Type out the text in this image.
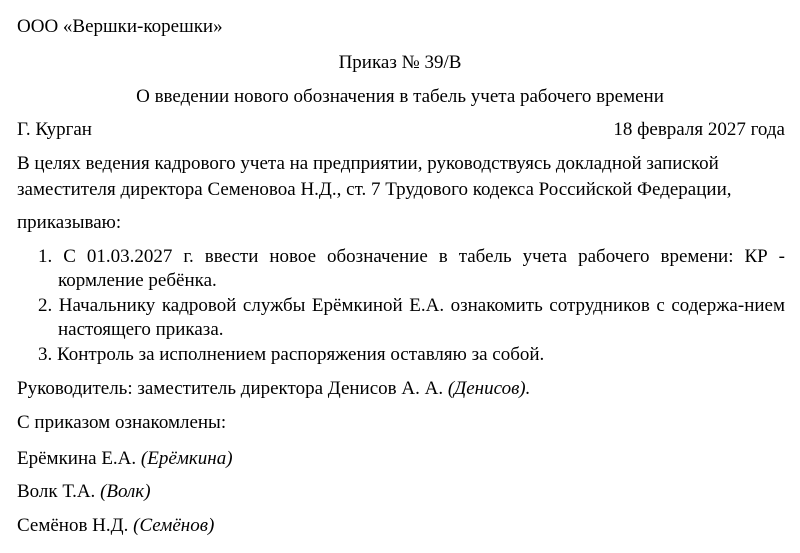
ООО «Вершки-корешки»
Приказ № 39/В
О введении нового обозначения в табель учета рабочего времени
Г. Курган	18 февраля 2027 года
В целях ведения кадрового учета на предприятии, руководствуясь докладной запиской
заместителя директора Семеновоа Н.Д., ст. 7 Трудового кодекса Российской Федерации,
приказываю:
1. С 01.03.2027 г. ввести новое обозначение в табель учета рабочего времени: КР - кормление ребёнка.
2. Начальнику кадровой службы Ерёмкиной Е.А. ознакомить сотрудников с содержа-нием настоящего приказа.
3. Контроль за исполнением распоряжения оставляю за собой.
Руководитель: заместитель директора Денисов А. А. (Денисов).
С приказом ознакомлены:
Ерёмкина Е.А. (Ерёмкина)
Волк Т.А. (Волк)
Семёнов Н.Д. (Семёнов)
